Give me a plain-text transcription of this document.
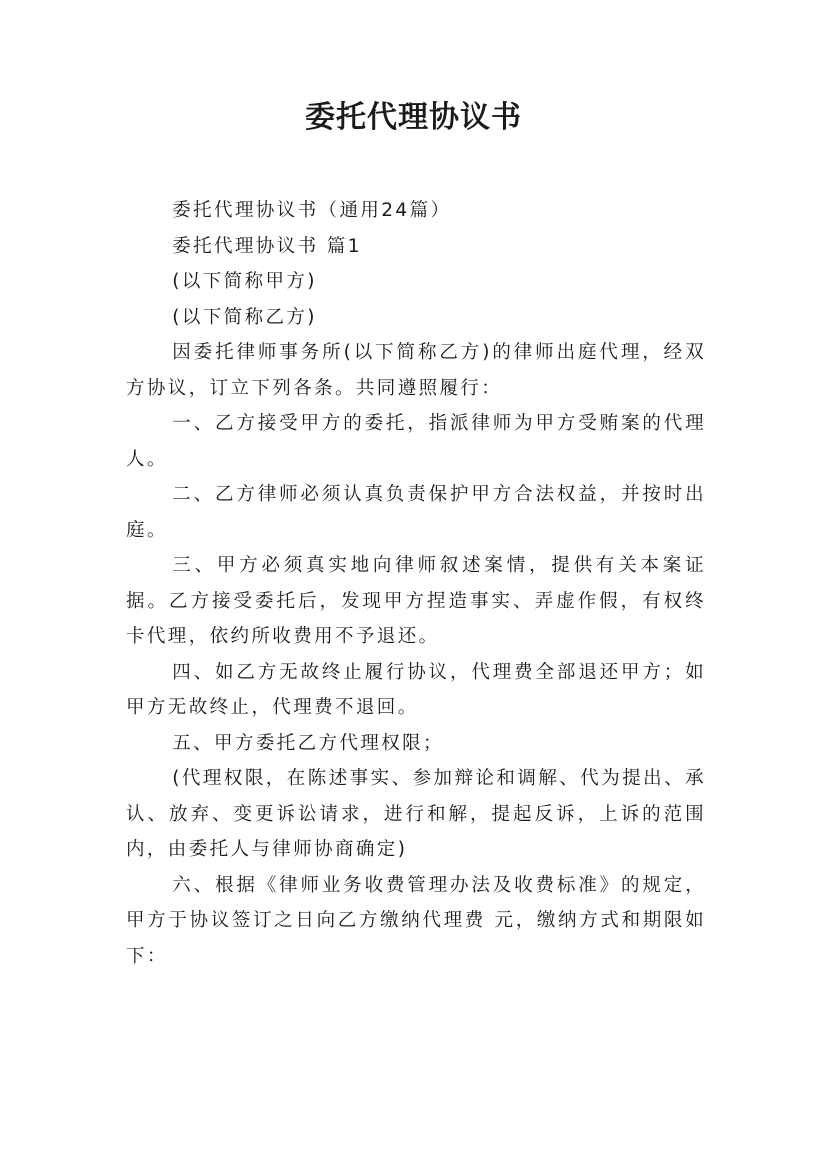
委托代理协议书

委托代理协议书（通用24篇）

委托代理协议书 篇1

(以下简称甲方)

(以下简称乙方)

因委托律师事务所(以下简称乙方)的律师出庭代理，经双方协议，订立下列各条。共同遵照履行：

一、乙方接受甲方的委托，指派律师为甲方受贿案的代理人。

二、乙方律师必须认真负责保护甲方合法权益，并按时出庭。

三、甲方必须真实地向律师叙述案情，提供有关本案证据。乙方接受委托后，发现甲方捏造事实、弄虚作假，有权终卡代理，依约所收费用不予退还。

四、如乙方无故终止履行协议，代理费全部退还甲方；如甲方无故终止，代理费不退回。

五、甲方委托乙方代理权限；

(代理权限，在陈述事实、参加辩论和调解、代为提出、承认、放弃、变更诉讼请求，进行和解，提起反诉，上诉的范围内，由委托人与律师协商确定)

六、根据《律师业务收费管理办法及收费标准》的规定，甲方于协议签订之日向乙方缴纳代理费 元，缴纳方式和期限如下：
